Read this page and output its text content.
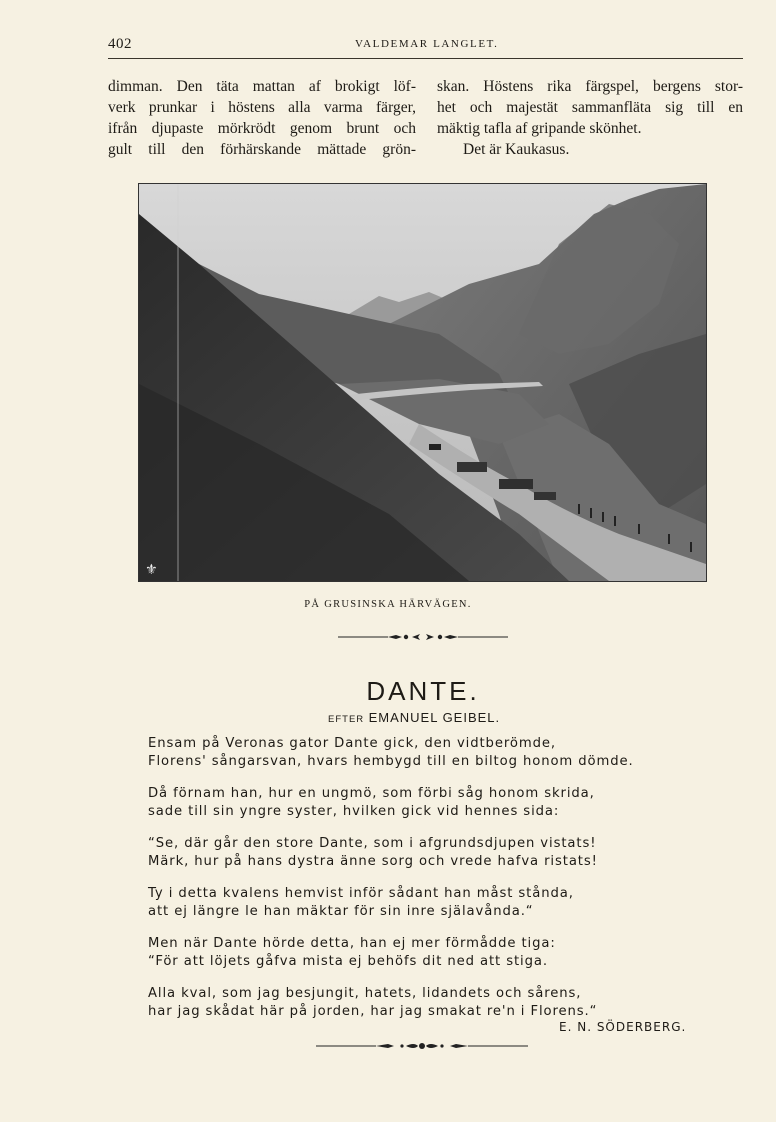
402	VALDEMAR LANGLET.
dimman. Den täta mattan af brokigt löf-
verk prunkar i höstens alla varma färger,
ifrån djupaste mörkrödt genom brunt och
gult till den förhärskande mättade grön-
skan. Höstens rika färgspel, bergens stor-
het och majestät sammanfläta sig till en
mäktig tafla af gripande skönhet.
Det är Kaukasus.
⚜
PÅ GRUSINSKA HÄRVÄGEN.
DANTE.
EFTER EMANUEL GEIBEL.
Ensam på Veronas gator Dante gick, den vidtberömde,
Florens' sångarsvan, hvars hembygd till en biltog honom dömde.
Då förnam han, hur en ungmö, som förbi såg honom skrida,
sade till sin yngre syster, hvilken gick vid hennes sida:
“Se, där går den store Dante, som i afgrundsdjupen vistats!
Märk, hur på hans dystra änne sorg och vrede hafva ristats!
Ty i detta kvalens hemvist inför sådant han måst stånda,
att ej längre le han mäktar för sin inre själavånda.“
Men när Dante hörde detta, han ej mer förmådde tiga:
“För att löjets gåfva mista ej behöfs dit ned att stiga.
Alla kval, som jag besjungit, hatets, lidandets och sårens,
har jag skådat här på jorden, har jag smakat re'n i Florens.“
E. N. SÖDERBERG.
